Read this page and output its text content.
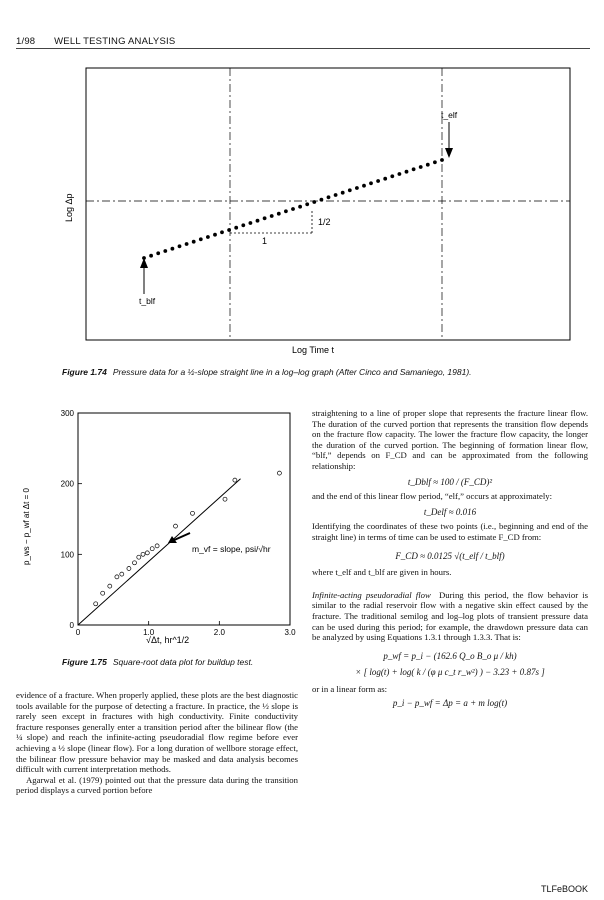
1/98 WELL TESTING ANALYSIS
1/2
1
t_blf
t_elf
Log Δp
Log Time t
Figure 1.74 Pressure data for a ½-slope straight line in a log–log graph (After Cinco and Samaniego, 1981).
0	1.0	2.0	3.0
0
100
200
300
m_vf = slope, psi/√hr
p_ws − p_wf at Δt = 0
√Δt, hr^1/2
Figure 1.75 Square-root data plot for buildup test.

evidence of a fracture. When properly applied, these plots are the best diagnostic tools available for the purpose of detecting a fracture. In practice, the ½ slope is rarely seen except in fractures with high conductivity. Finite conductivity fracture responses generally enter a transition period after the bilinear flow (the ¼ slope) and reach the infinite-acting pseudoradial flow regime before ever achieving a ½ slope (linear flow). For a long duration of wellbore storage effect, the bilinear flow pressure behavior may be masked and data analysis becomes difficult with current interpretation methods.

Agarwal et al. (1979) pointed out that the pressure data during the transition period displays a curved portion before

straightening to a line of proper slope that represents the fracture linear flow. The duration of the curved portion that represents the transition flow depends on the fracture flow capacity. The lower the fracture flow capacity, the longer the duration of the curved portion. The beginning of formation linear flow, “blf,” depends on F_CD and can be approximated from the following relationship:

t_Dblf ≈ 100 / (F_CD)²

and the end of this linear flow period, “elf,” occurs at approximately:

t_Delf ≈ 0.016

Identifying the coordinates of these two points (i.e., beginning and end of the straight line) in terms of time can be used to estimate F_CD from:

F_CD ≈ 0.0125 √(t_elf / t_blf)

where t_elf and t_blf are given in hours.

Infinite-acting pseudoradial flow During this period, the flow behavior is similar to the radial reservoir flow with a negative skin effect caused by the fracture. The traditional semilog and log–log plots of transient pressure data can be used during this period; for example, the drawdown pressure data can be analyzed by using Equations 1.3.1 through 1.3.3. That is:

p_wf = p_i − (162.6 Q_o B_o μ / kh)
× [ log(t) + log( k / (φ μ c_t r_w²) ) − 3.23 + 0.87s ]

or in a linear form as:

p_i − p_wf = Δp = a + m log(t)
TLFeBOOK
